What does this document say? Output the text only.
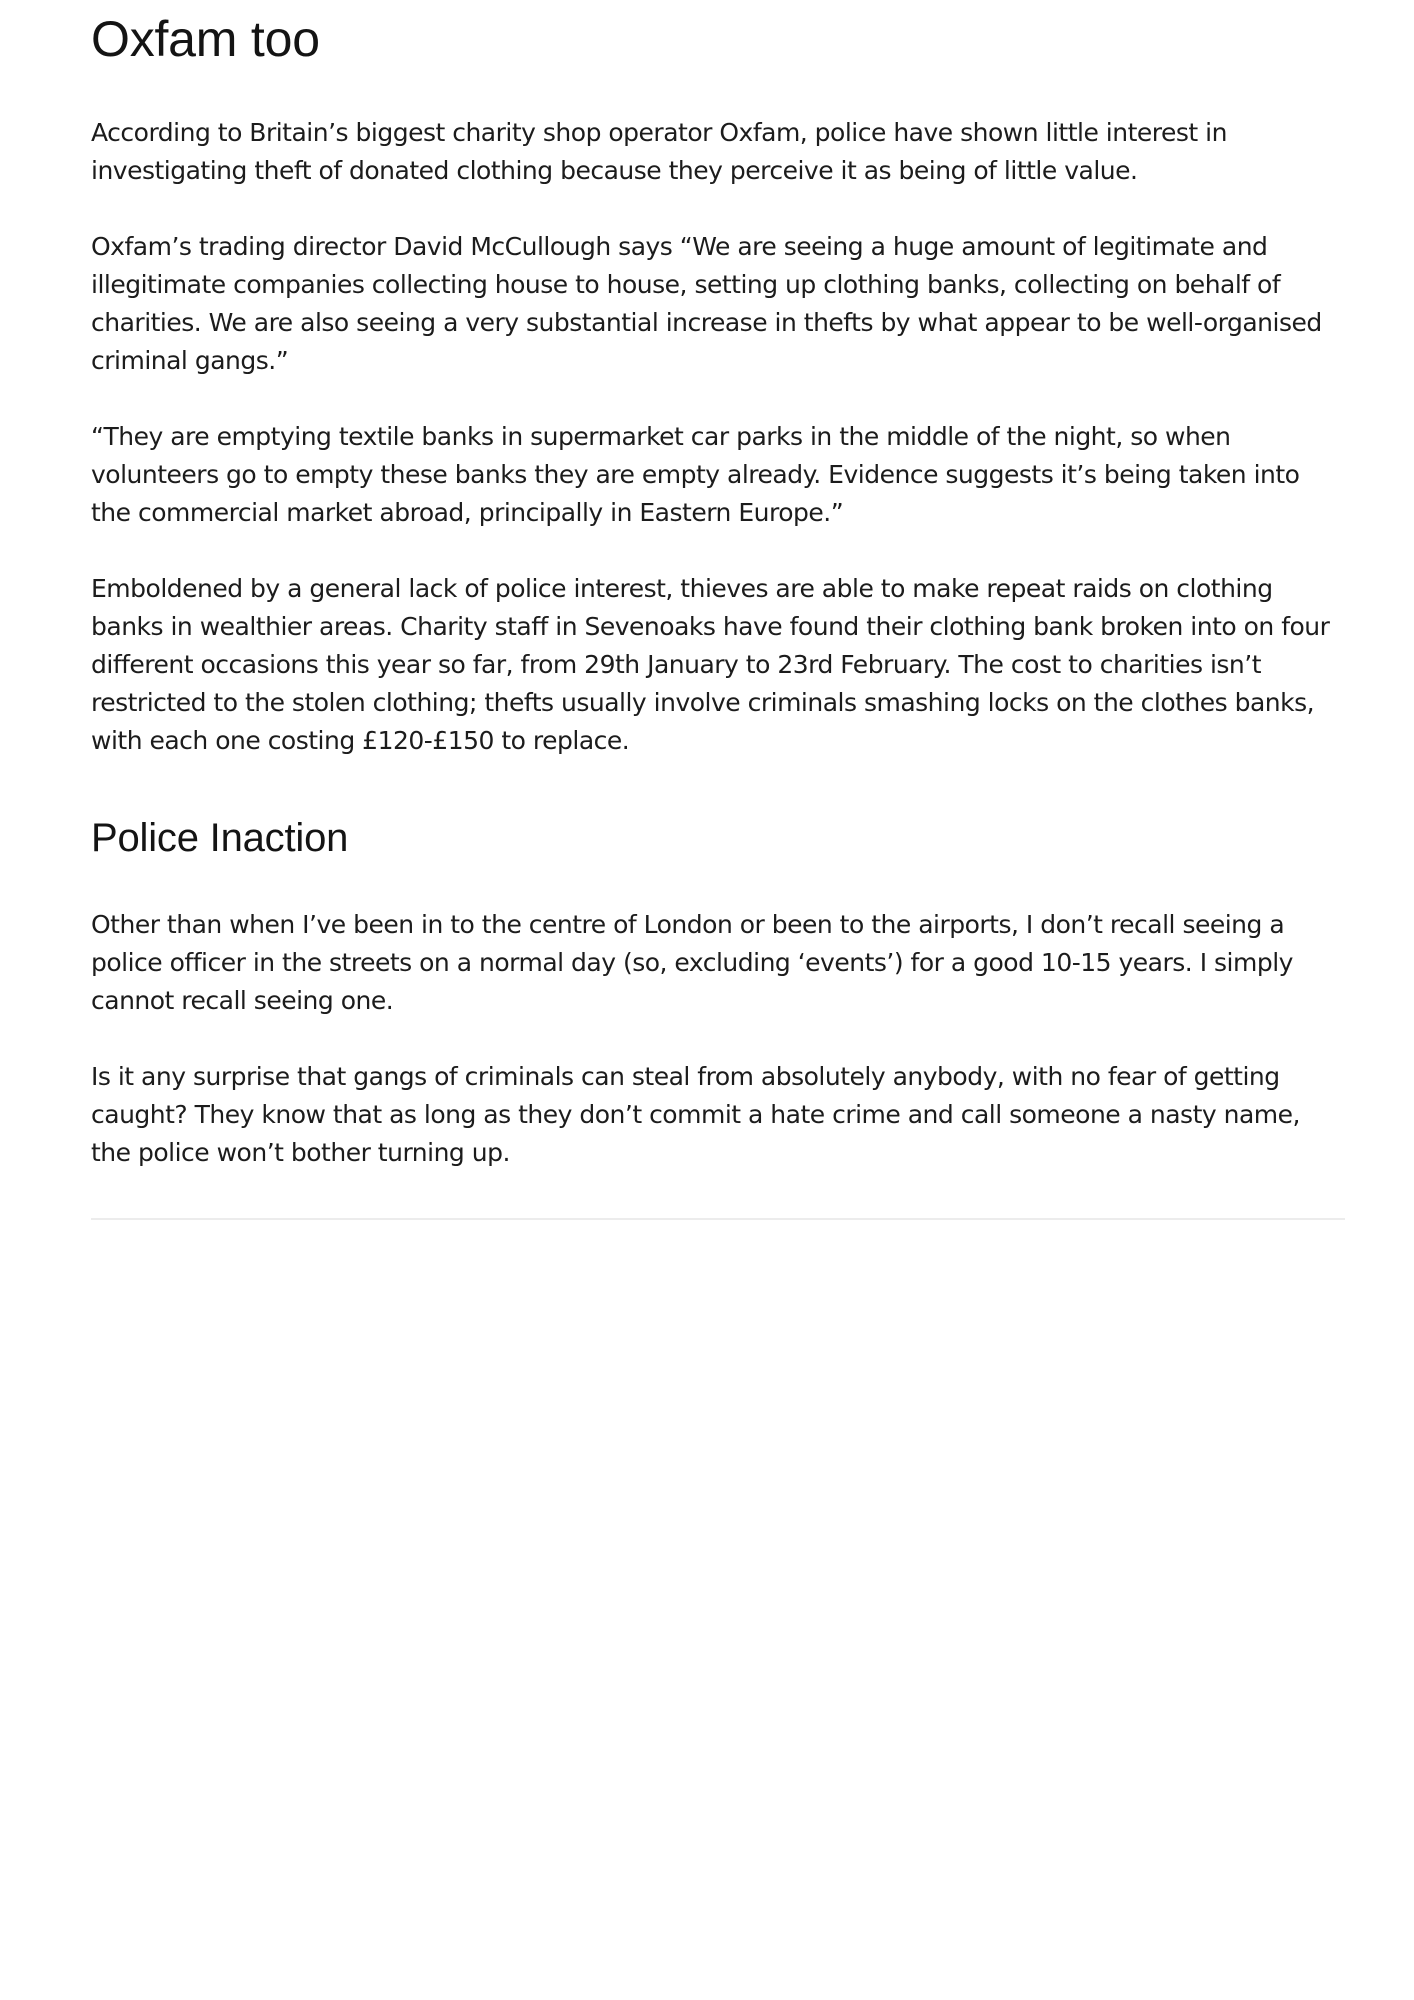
Oxfam too

According to Britain’s biggest charity shop operator Oxfam, police have shown little interest in investigating theft of donated clothing because they perceive it as being of little value.

Oxfam’s trading director David McCullough says “We are seeing a huge amount of legitimate and illegitimate companies collecting house to house, setting up clothing banks, collecting on behalf of charities. We are also seeing a very substantial increase in thefts by what appear to be well-organised criminal gangs.”

“They are emptying textile banks in supermarket car parks in the middle of the night, so when volunteers go to empty these banks they are empty already. Evidence suggests it’s being taken into the commercial market abroad, principally in Eastern Europe.”

Emboldened by a general lack of police interest, thieves are able to make repeat raids on clothing banks in wealthier areas. Charity staff in Sevenoaks have found their clothing bank broken into on four different occasions this year so far, from 29th January to 23rd February. The cost to charities isn’t restricted to the stolen clothing; thefts usually involve criminals smashing locks on the clothes banks, with each one costing £120-£150 to replace.

Police Inaction

Other than when I’ve been in to the centre of London or been to the airports, I don’t recall seeing a police officer in the streets on a normal day (so, excluding ‘events’) for a good 10-15 years. I simply cannot recall seeing one.

Is it any surprise that gangs of criminals can steal from absolutely anybody, with no fear of getting caught? They know that as long as they don’t commit a hate crime and call someone a nasty name, the police won’t bother turning up.
